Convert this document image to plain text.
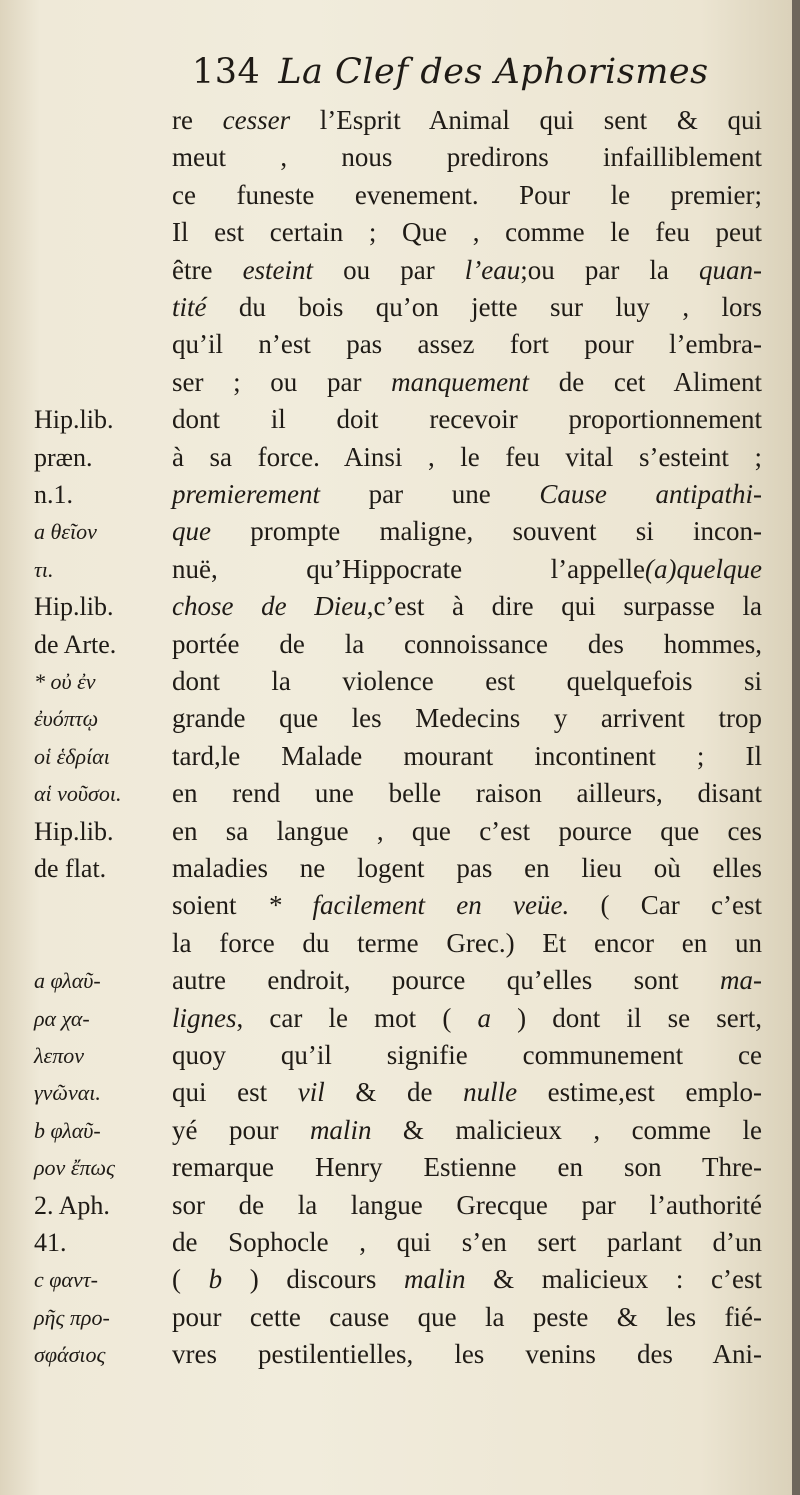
134 La Clef des Aphorismes
re cesser l’Esprit Animal qui sent & qui
meut , nous predirons infailliblement
ce funeste evenement. Pour le premier;
Il est certain ; Que , comme le feu peut
être esteint ou par l’eau;ou par la quan-
tité du bois qu’on jette sur luy , lors
qu’il n’est pas assez fort pour l’embra-
ser ; ou par manquement de cet Aliment
dont il doit recevoir proportionnement
à sa force. Ainsi , le feu vital s’esteint ;
premierement par une Cause antipathi-
que prompte maligne, souvent si incon-
nuë, qu’Hippocrate l’appelle(a)quelque
chose de Dieu,c’est à dire qui surpasse la
portée de la connoissance des hommes,
dont la violence est quelquefois si
grande que les Medecins y arrivent trop
tard,le Malade mourant incontinent ; Il
en rend une belle raison ailleurs, disant
en sa langue , que c’est pource que ces
maladies ne logent pas en lieu où elles
soient * facilement en veüe. ( Car c’est
la force du terme Grec.) Et encor en un
autre endroit, pource qu’elles sont ma-
lignes, car le mot ( a ) dont il se sert,
quoy qu’il signifie communement ce
qui est vil & de nulle estime,est emplo-
yé pour malin & malicieux , comme le
remarque Henry Estienne en son Thre-
sor de la langue Grecque par l’authorité
de Sophocle , qui s’en sert parlant d’un
( b ) discours malin & malicieux : c’est
pour cette cause que la peste & les fié-
vres pestilentielles, les venins des Ani-
Hip.lib.
præn.
n.1.
a θεῖον
τι.
Hip.lib.
de Arte.
* οὐ ἐν
ἐυόπτῳ
οἱ ἑδρίαι
αἱ νοῦσοι.
Hip.lib.
de flat.
a φλαῦ-
ρα χα-
λεπον
γνῶναι.
b φλαῦ-
ρον ἔπως
2. Aph.
41.
c φαντ-
ρῆς προ-
σφάσιος
